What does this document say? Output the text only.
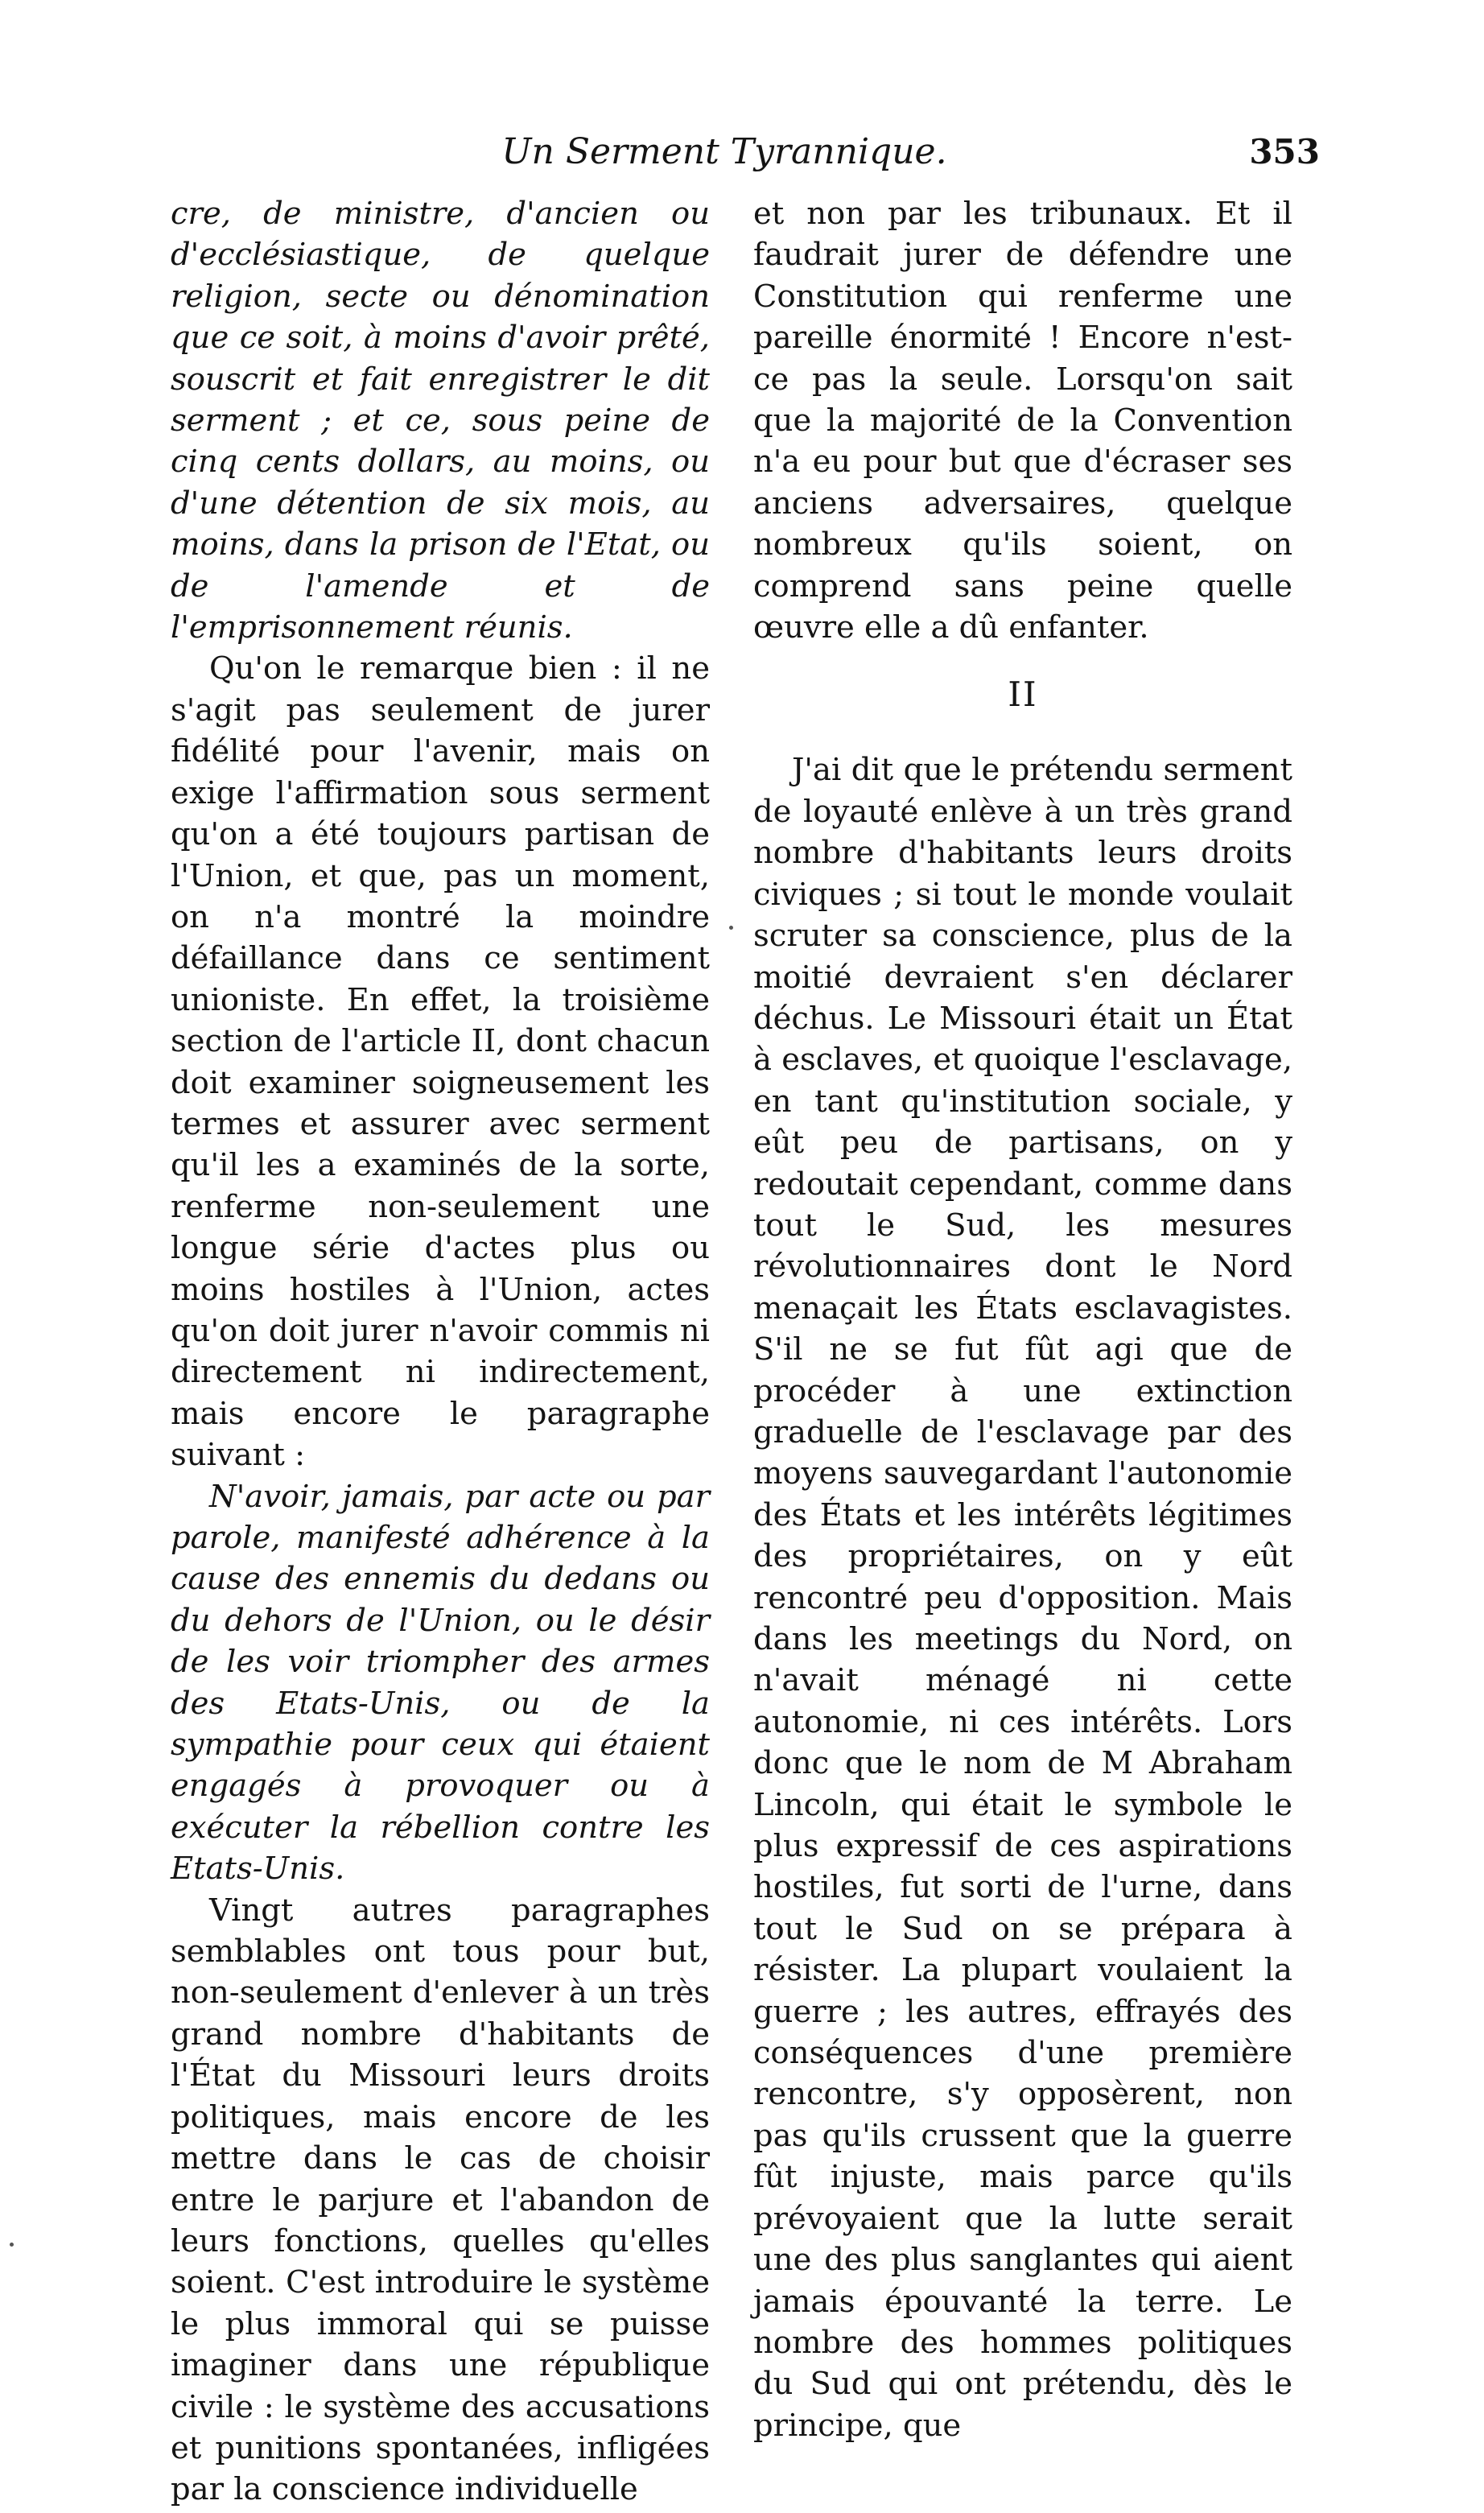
Un Serment Tyrannique.	353

cre, de ministre, d'ancien ou d'ecclésiastique, de quelque religion, secte ou dénomination que ce soit, à moins d'avoir prêté, souscrit et fait enregistrer le dit serment ; et ce, sous peine de cinq cents dollars, au moins, ou d'une détention de six mois, au moins, dans la prison de l'Etat, ou de l'amende et de l'emprisonnement réunis.

Qu'on le remarque bien : il ne s'agit pas seulement de jurer fidélité pour l'avenir, mais on exige l'affirmation sous serment qu'on a été toujours partisan de l'Union, et que, pas un moment, on n'a montré la moindre défaillance dans ce sentiment unioniste. En effet, la troisième section de l'article II, dont chacun doit examiner soigneusement les termes et assurer avec serment qu'il les a examinés de la sorte, renferme non-seulement une longue série d'actes plus ou moins hostiles à l'Union, actes qu'on doit jurer n'avoir commis ni directement ni indirectement, mais encore le paragraphe suivant :

N'avoir, jamais, par acte ou par parole, manifesté adhérence à la cause des ennemis du dedans ou du dehors de l'Union, ou le désir de les voir triompher des armes des Etats-Unis, ou de la sympathie pour ceux qui étaient engagés à provoquer ou à exécuter la rébellion contre les Etats-Unis.

Vingt autres paragraphes semblables ont tous pour but, non-seulement d'enlever à un très grand nombre d'habitants de l'État du Missouri leurs droits politiques, mais encore de les mettre dans le cas de choisir entre le parjure et l'abandon de leurs fonctions, quelles qu'elles soient. C'est introduire le système le plus immoral qui se puisse imaginer dans une république civile : le système des accusations et punitions spontanées, infligées par la conscience individuelle

et non par les tribunaux. Et il faudrait jurer de défendre une Constitution qui renferme une pareille énormité ! Encore n'est-ce pas la seule. Lorsqu'on sait que la majorité de la Convention n'a eu pour but que d'écraser ses anciens adversaires, quelque nombreux qu'ils soient, on comprend sans peine quelle œuvre elle a dû enfanter.

II

J'ai dit que le prétendu serment de loyauté enlève à un très grand nombre d'habitants leurs droits civiques ; si tout le monde voulait scruter sa conscience, plus de la moitié devraient s'en déclarer déchus. Le Missouri était un État à esclaves, et quoique l'esclavage, en tant qu'institution sociale, y eût peu de partisans, on y redoutait cependant, comme dans tout le Sud, les mesures révolutionnaires dont le Nord menaçait les États esclavagistes. S'il ne se fut fût agi que de procéder à une extinction graduelle de l'esclavage par des moyens sauvegardant l'autonomie des États et les intérêts légitimes des propriétaires, on y eût rencontré peu d'opposition. Mais dans les meetings du Nord, on n'avait ménagé ni cette autonomie, ni ces intérêts. Lors donc que le nom de M Abraham Lincoln, qui était le symbole le plus expressif de ces aspirations hostiles, fut sorti de l'urne, dans tout le Sud on se prépara à résister. La plupart voulaient la guerre ; les autres, effrayés des conséquences d'une première rencontre, s'y opposèrent, non pas qu'ils crussent que la guerre fût injuste, mais parce qu'ils prévoyaient que la lutte serait une des plus sanglantes qui aient jamais épouvanté la terre. Le nombre des hommes politiques du Sud qui ont prétendu, dès le principe, que
